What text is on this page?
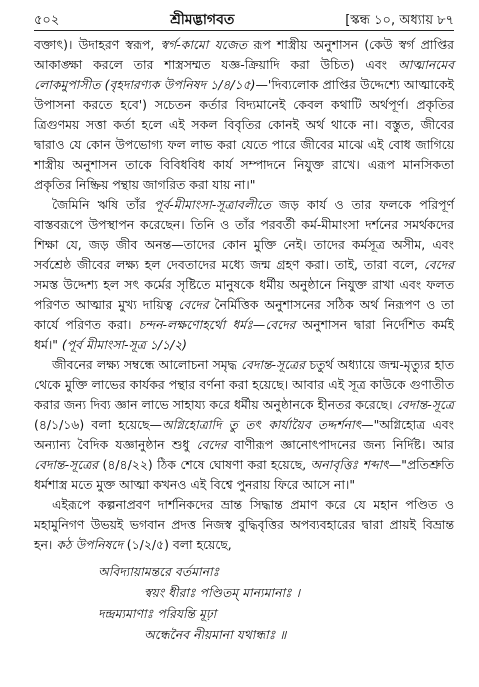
৫০২	শ্রীমদ্ভাগবত	[স্কন্ধ ১০, অধ্যায় ৮৭

বক্তাৎ)। উদাহরণ স্বরূপ, স্বর্গ-কামো যজেত রূপ শাস্ত্রীয় অনুশাসন (কেউ স্বর্গ প্রাপ্তির আকাঙ্ক্ষা করলে তার শাস্ত্রসম্মত যজ্ঞ-ক্রিয়াদি করা উচিত) এবং আত্মানমেব লোকমুপাসীত (বৃহদারণ্যক উপনিষদ ১/৪/১৫)—'দিব্যলোক প্রাপ্তির উদ্দেশ্যে আত্মাকেই উপাসনা করতে হবে') সচেতন কর্তার বিদ্যমানেই কেবল কথাটি অর্থপূর্ণ। প্রকৃতির ত্রিগুণময় সত্তা কর্তা হলে এই সকল বিবৃতির কোনই অর্থ থাকে না। বস্তুত, জীবের দ্বারাও যে কোন উপভোগ্য ফল লাভ করা যেতে পারে জীবের মাঝে এই বোধ জাগিয়ে শাস্ত্রীয় অনুশাসন তাকে বিবিধবিধ কার্য সম্পাদনে নিযুক্ত রাখে। এরূপ মানসিকতা প্রকৃতির নিষ্ক্রিয় পন্থায় জাগরিত করা যায় না।"

জৈমিনি ঋষি তাঁর পূর্ব-মীমাংসা-সূত্রাবলীতে জড় কার্য ও তার ফলকে পরিপূর্ণ বাস্তবরূপে উপস্থাপন করেছেন। তিনি ও তাঁর পরবর্তী কর্ম-মীমাংসা দর্শনের সমর্থকদের শিক্ষা যে, জড় জীব অনন্ত—তাদের কোন মুক্তি নেই। তাদের কর্মসূত্র অসীম, এবং সর্বশ্রেষ্ঠ জীবের লক্ষ্য হল দেবতাদের মধ্যে জন্ম গ্রহণ করা। তাই, তারা বলে, বেদের সমস্ত উদ্দেশ্য হল সৎ কর্মের সৃষ্টিতে মানুষকে ধর্মীয় অনুষ্ঠানে নিযুক্ত রাখা এবং ফলত পরিণত আত্মার মুখ্য দায়িত্ব বেদের নৈর্মিত্তিক অনুশাসনের সঠিক অর্থ নিরূপণ ও তা কার্যে পরিণত করা। চন্দন-লক্ষণোহর্থো ধর্মঃ—বেদের অনুশাসন দ্বারা নির্দেশিত কর্মই ধর্ম।" (পূর্ব মীমাংসা-সূত্র ১/১/২)

জীবনের লক্ষ্য সম্বন্ধে আলোচনা সমৃদ্ধ বেদান্ত-সূত্রের চতুর্থ অধ্যায়ে জন্ম-মৃত্যুর হাত থেকে মুক্তি লাভের কার্যকর পন্থার বর্ণনা করা হয়েছে। আবার এই সূত্র কাউকে গুণাতীত করার জন্য দিব্য জ্ঞান লাভে সাহায্য করে ধর্মীয় অনুষ্ঠানকে হীনতর করেছে। বেদান্ত-সূত্রে (৪/১/১৬) বলা হয়েছে—অগ্নিহোত্রাদি তু তৎ কার্যায়ৈব তদ্দর্শনাৎ—"অগ্নিহোত্র এবং অন্যান্য বৈদিক যজ্ঞানুষ্ঠান শুধু বেদের বাণীরূপ জ্ঞানোৎপাদনের জন্য নির্দিষ্ট। আর বেদান্ত-সূত্রের (৪/৪/২২) ঠিক শেষে ঘোষণা করা হয়েছে, অনাবৃত্তিঃ শব্দাৎ—"প্রতিশ্রুতি ধর্মশাস্ত্র মতে মুক্ত আত্মা কখনও এই বিশ্বে পুনরায় ফিরে আসে না।"

এইরূপে কল্পনাপ্রবণ দার্শনিকদের ভ্রান্ত সিদ্ধান্ত প্রমাণ করে যে মহান পণ্ডিত ও মহামুনিগণ উভয়ই ভগবান প্রদত্ত নিজস্ব বুদ্ধিবৃত্তির অপব্যবহারের দ্বারা প্রায়ই বিভ্রান্ত হন। কঠ উপনিষদে (১/২/৫) বলা হয়েছে,

অবিদ্যায়ামন্তরে বর্তমানাঃ
স্বয়ং ধীরাঃ পণ্ডিতম্ মান্যমানাঃ ।
দন্দ্রম্যমাণাঃ পরিযন্তি মূঢ়া
অন্ধেনৈব নীয়মানা যথান্ধাঃ ॥
